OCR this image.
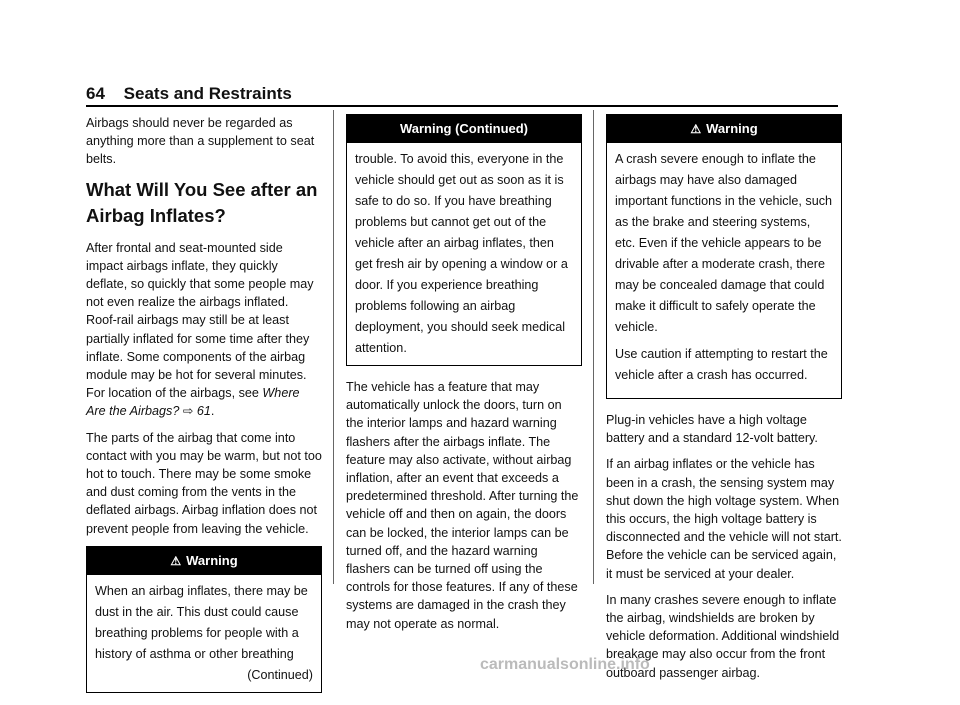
64 Seats and Restraints

Airbags should never be regarded as anything more than a supplement to seat belts.

What Will You See after an Airbag Inflates?

After frontal and seat-mounted side impact airbags inflate, they quickly deflate, so quickly that some people may not even realize the airbags inflated. Roof-rail airbags may still be at least partially inflated for some time after they inflate. Some components of the airbag module may be hot for several minutes. For location of the airbags, see Where Are the Airbags? ⇨ 61.

The parts of the airbag that come into contact with you may be warm, but not too hot to touch. There may be some smoke and dust coming from the vents in the deflated airbags. Airbag inflation does not prevent people from leaving the vehicle.

⚠ Warning
When an airbag inflates, there may be dust in the air. This dust could cause breathing problems for people with a history of asthma or other breathing
(Continued)
Warning (Continued)
trouble. To avoid this, everyone in the vehicle should get out as soon as it is safe to do so. If you have breathing problems but cannot get out of the vehicle after an airbag inflates, then get fresh air by opening a window or a door. If you experience breathing problems following an airbag deployment, you should seek medical attention.

The vehicle has a feature that may automatically unlock the doors, turn on the interior lamps and hazard warning flashers after the airbags inflate. The feature may also activate, without airbag inflation, after an event that exceeds a predetermined threshold. After turning the vehicle off and then on again, the doors can be locked, the interior lamps can be turned off, and the hazard warning flashers can be turned off using the controls for those features. If any of these systems are damaged in the crash they may not operate as normal.

⚠ Warning

A crash severe enough to inflate the airbags may have also damaged important functions in the vehicle, such as the brake and steering systems, etc. Even if the vehicle appears to be drivable after a moderate crash, there may be concealed damage that could make it difficult to safely operate the vehicle.

Use caution if attempting to restart the vehicle after a crash has occurred.

Plug-in vehicles have a high voltage battery and a standard 12-volt battery.

If an airbag inflates or the vehicle has been in a crash, the sensing system may shut down the high voltage system. When this occurs, the high voltage battery is disconnected and the vehicle will not start. Before the vehicle can be serviced again, it must be serviced at your dealer.

In many crashes severe enough to inflate the airbag, windshields are broken by vehicle deformation. Additional windshield breakage may also occur from the front outboard passenger airbag.

carmanualsonline.info
